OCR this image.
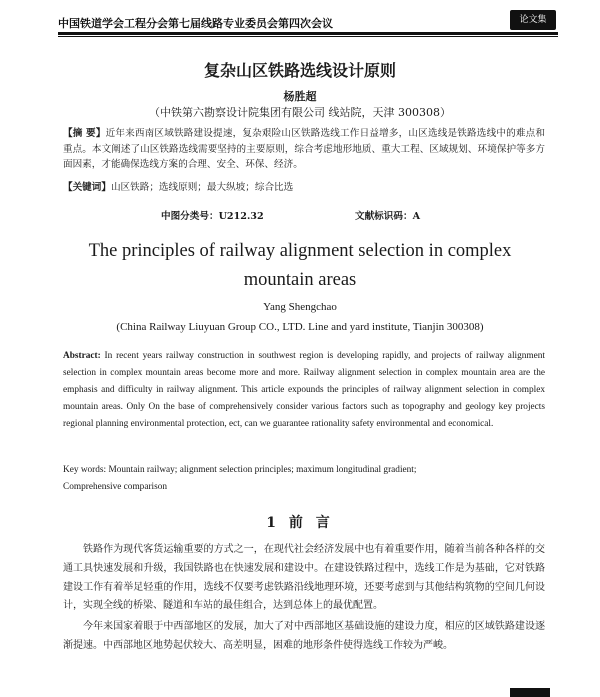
中国铁道学会工程分会第七届线路专业委员会第四次会议	论文集
复杂山区铁路选线设计原则
杨胜超
（中铁第六勘察设计院集团有限公司 线站院，天津 300308）
【摘 要】近年来西南区域铁路建设提速，复杂艰险山区铁路选线工作日益增多，山区选线是铁路选线中的难点和重点。本文阐述了山区铁路选线需要坚持的主要原则，综合考虑地形地质、重大工程、区域规划、环境保护等多方面因素，才能确保选线方案的合理、安全、环保、经济。
【关键词】山区铁路；选线原则；最大纵坡；综合比选
中图分类号：U212.32	文献标识码：A
The principles of railway alignment selection in complex mountain areas
Yang Shengchao
(China Railway Liuyuan Group CO., LTD. Line and yard institute, Tianjin 300308)
Abstract: In recent years railway construction in southwest region is developing rapidly, and projects of railway alignment selection in complex mountain areas become more and more. Railway alignment selection in complex mountain area are the emphasis and difficulty in railway alignment. This article expounds the principles of railway alignment selection in complex mountain areas. Only On the base of comprehensively consider various factors such as topography and geology key projects regional planning environmental protection, ect, can we guarantee rationality safety environmental and economical.

Key words: Mountain railway; alignment selection principles; maximum longitudinal gradient;

Comprehensive comparison

1 前 言

铁路作为现代客货运输重要的方式之一，在现代社会经济发展中也有着重要作用，随着当前各种各样的交通工具快速发展和升级，我国铁路也在快速发展和建设中。在建设铁路过程中，选线工作是为基础，它对铁路建设工作有着举足轻重的作用，选线不仅要考虑铁路沿线地理环境，还要考虑到与其他结构筑物的空间几何设计，实现全线的桥梁、隧道和车站的最佳组合，达到总体上的最优配置。

今年来国家着眼于中西部地区的发展，加大了对中西部地区基础设施的建设力度，相应的区域铁路建设逐渐提速。中西部地区地势起伏较大、高差明显，困难的地形条件使得选线工作较为严峻。
